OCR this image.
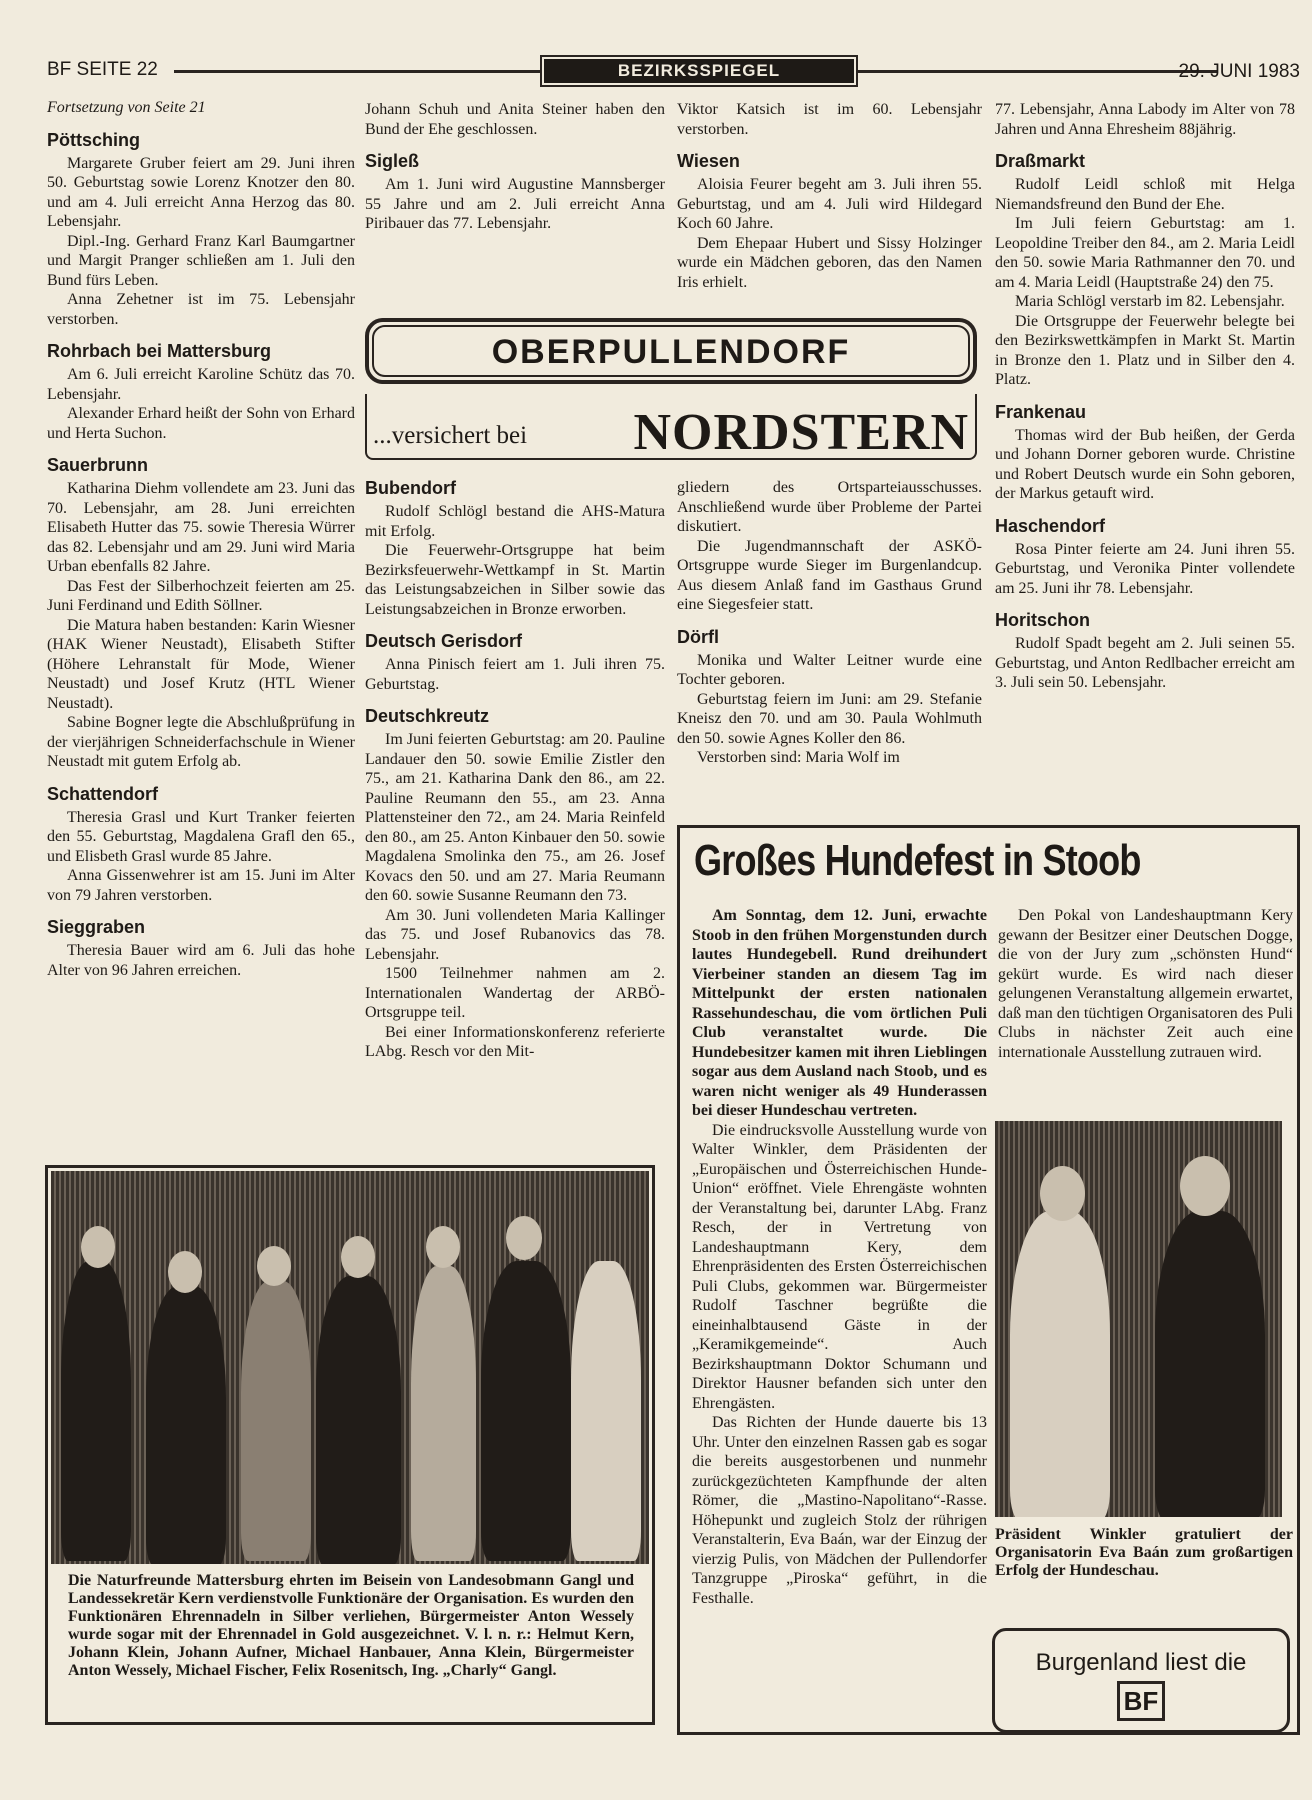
BF SEITE 22	BEZIRKSSPIEGEL	29. JUNI 1983

Fortsetzung von Seite 21

Pöttsching

Margarete Gruber feiert am 29. Juni ihren 50. Geburtstag sowie Lorenz Knotzer den 80. und am 4. Juli erreicht Anna Herzog das 80. Lebensjahr.

Dipl.-Ing. Gerhard Franz Karl Baumgartner und Margit Pranger schließen am 1. Juli den Bund fürs Leben.

Anna Zehetner ist im 75. Lebensjahr verstorben.

Rohrbach bei Mattersburg

Am 6. Juli erreicht Karoline Schütz das 70. Lebensjahr.

Alexander Erhard heißt der Sohn von Erhard und Herta Suchon.

Sauerbrunn

Katharina Diehm vollendete am 23. Juni das 70. Lebensjahr, am 28. Juni erreichten Elisabeth Hutter das 75. sowie Theresia Würrer das 82. Lebensjahr und am 29. Juni wird Maria Urban ebenfalls 82 Jahre.

Das Fest der Silberhochzeit feierten am 25. Juni Ferdinand und Edith Söllner.

Die Matura haben bestanden: Karin Wiesner (HAK Wiener Neustadt), Elisabeth Stifter (Höhere Lehranstalt für Mode, Wiener Neustadt) und Josef Krutz (HTL Wiener Neustadt).

Sabine Bogner legte die Abschlußprüfung in der vierjährigen Schneiderfachschule in Wiener Neustadt mit gutem Erfolg ab.

Schattendorf

Theresia Grasl und Kurt Tranker feierten den 55. Geburtstag, Magdalena Grafl den 65., und Elisbeth Grasl wurde 85 Jahre.

Anna Gissenwehrer ist am 15. Juni im Alter von 79 Jahren verstorben.

Sieggraben

Theresia Bauer wird am 6. Juli das hohe Alter von 96 Jahren erreichen.

Johann Schuh und Anita Steiner haben den Bund der Ehe geschlossen.

Sigleß

Am 1. Juni wird Augustine Mannsberger 55 Jahre und am 2. Juli erreicht Anna Piribauer das 77. Lebensjahr.

Viktor Katsich ist im 60. Lebensjahr verstorben.

Wiesen

Aloisia Feurer begeht am 3. Juli ihren 55. Geburtstag, und am 4. Juli wird Hildegard Koch 60 Jahre.

Dem Ehepaar Hubert und Sissy Holzinger wurde ein Mädchen geboren, das den Namen Iris erhielt.

OBERPULLENDORF
...versichert bei NORDSTERN
Bubendorf

Rudolf Schlögl bestand die AHS-Matura mit Erfolg.

Die Feuerwehr-Ortsgruppe hat beim Bezirksfeuerwehr-Wettkampf in St. Martin das Leistungsabzeichen in Silber sowie das Leistungsabzeichen in Bronze erworben.

Deutsch Gerisdorf

Anna Pinisch feiert am 1. Juli ihren 75. Geburtstag.

Deutschkreutz

Im Juni feierten Geburtstag: am 20. Pauline Landauer den 50. sowie Emilie Zistler den 75., am 21. Katharina Dank den 86., am 22. Pauline Reumann den 55., am 23. Anna Plattensteiner den 72., am 24. Maria Reinfeld den 80., am 25. Anton Kinbauer den 50. sowie Magdalena Smolinka den 75., am 26. Josef Kovacs den 50. und am 27. Maria Reumann den 60. sowie Susanne Reumann den 73.

Am 30. Juni vollendeten Maria Kallinger das 75. und Josef Rubanovics das 78. Lebensjahr.

1500 Teilnehmer nahmen am 2. Internationalen Wandertag der ARBÖ-Ortsgruppe teil.

Bei einer Informationskonferenz referierte LAbg. Resch vor den Mit-

gliedern des Ortsparteiausschusses. Anschließend wurde über Probleme der Partei diskutiert.

Die Jugendmannschaft der ASKÖ-Ortsgruppe wurde Sieger im Burgenlandcup. Aus diesem Anlaß fand im Gasthaus Grund eine Siegesfeier statt.

Dörfl

Monika und Walter Leitner wurde eine Tochter geboren.

Geburtstag feiern im Juni: am 29. Stefanie Kneisz den 70. und am 30. Paula Wohlmuth den 50. sowie Agnes Koller den 86.

Verstorben sind: Maria Wolf im

77. Lebensjahr, Anna Labody im Alter von 78 Jahren und Anna Ehresheim 88jährig.

Draßmarkt

Rudolf Leidl schloß mit Helga Niemandsfreund den Bund der Ehe.

Im Juli feiern Geburtstag: am 1. Leopoldine Treiber den 84., am 2. Maria Leidl den 50. sowie Maria Rathmanner den 70. und am 4. Maria Leidl (Hauptstraße 24) den 75.

Maria Schlögl verstarb im 82. Lebensjahr.

Die Ortsgruppe der Feuerwehr belegte bei den Bezirkswettkämpfen in Markt St. Martin in Bronze den 1. Platz und in Silber den 4. Platz.

Frankenau

Thomas wird der Bub heißen, der Gerda und Johann Dorner geboren wurde. Christine und Robert Deutsch wurde ein Sohn geboren, der Markus getauft wird.

Haschendorf

Rosa Pinter feierte am 24. Juni ihren 55. Geburtstag, und Veronika Pinter vollendete am 25. Juni ihr 78. Lebensjahr.

Horitschon

Rudolf Spadt begeht am 2. Juli seinen 55. Geburtstag, und Anton Redlbacher erreicht am 3. Juli sein 50. Lebensjahr.

Die Naturfreunde Mattersburg ehrten im Beisein von Landesobmann Gangl und Landessekretär Kern verdienstvolle Funktionäre der Organisation. Es wurden den Funktionären Ehrennadeln in Silber verliehen, Bürgermeister Anton Wessely wurde sogar mit der Ehrennadel in Gold ausgezeichnet. V. l. n. r.: Helmut Kern, Johann Klein, Johann Aufner, Michael Hanbauer, Anna Klein, Bürgermeister Anton Wessely, Michael Fischer, Felix Rosenitsch, Ing. „Charly“ Gangl.

Großes Hundefest in Stoob

Am Sonntag, dem 12. Juni, erwachte Stoob in den frühen Morgenstunden durch lautes Hundegebell. Rund dreihundert Vierbeiner standen an diesem Tag im Mittelpunkt der ersten nationalen Rassehundeschau, die vom örtlichen Puli Club veranstaltet wurde. Die Hundebesitzer kamen mit ihren Lieblingen sogar aus dem Ausland nach Stoob, und es waren nicht weniger als 49 Hunderassen bei dieser Hundeschau vertreten.

Die eindrucksvolle Ausstellung wurde von Walter Winkler, dem Präsidenten der „Europäischen und Österreichischen Hunde-Union“ eröffnet. Viele Ehrengäste wohnten der Veranstaltung bei, darunter LAbg. Franz Resch, der in Vertretung von Landeshauptmann Kery, dem Ehrenpräsidenten des Ersten Österreichischen Puli Clubs, gekommen war. Bürgermeister Rudolf Taschner begrüßte die eineinhalbtausend Gäste in der „Keramikgemeinde“. Auch Bezirkshauptmann Doktor Schumann und Direktor Hausner befanden sich unter den Ehrengästen.

Das Richten der Hunde dauerte bis 13 Uhr. Unter den einzelnen Rassen gab es sogar die bereits ausgestorbenen und nunmehr zurückgezüchteten Kampfhunde der alten Römer, die „Mastino-Napolitano“-Rasse. Höhepunkt und zugleich Stolz der rührigen Veranstalterin, Eva Baán, war der Einzug der vierzig Pulis, von Mädchen der Pullendorfer Tanzgruppe „Piroska“ geführt, in die Festhalle.

Den Pokal von Landeshauptmann Kery gewann der Besitzer einer Deutschen Dogge, die von der Jury zum „schönsten Hund“ gekürt wurde. Es wird nach dieser gelungenen Veranstaltung allgemein erwartet, daß man den tüchtigen Organisatoren des Puli Clubs in nächster Zeit auch eine internationale Ausstellung zutrauen wird.

Präsident Winkler gratuliert der Organisatorin Eva Baán zum großartigen Erfolg der Hundeschau.

Burgenland liest die
BF
